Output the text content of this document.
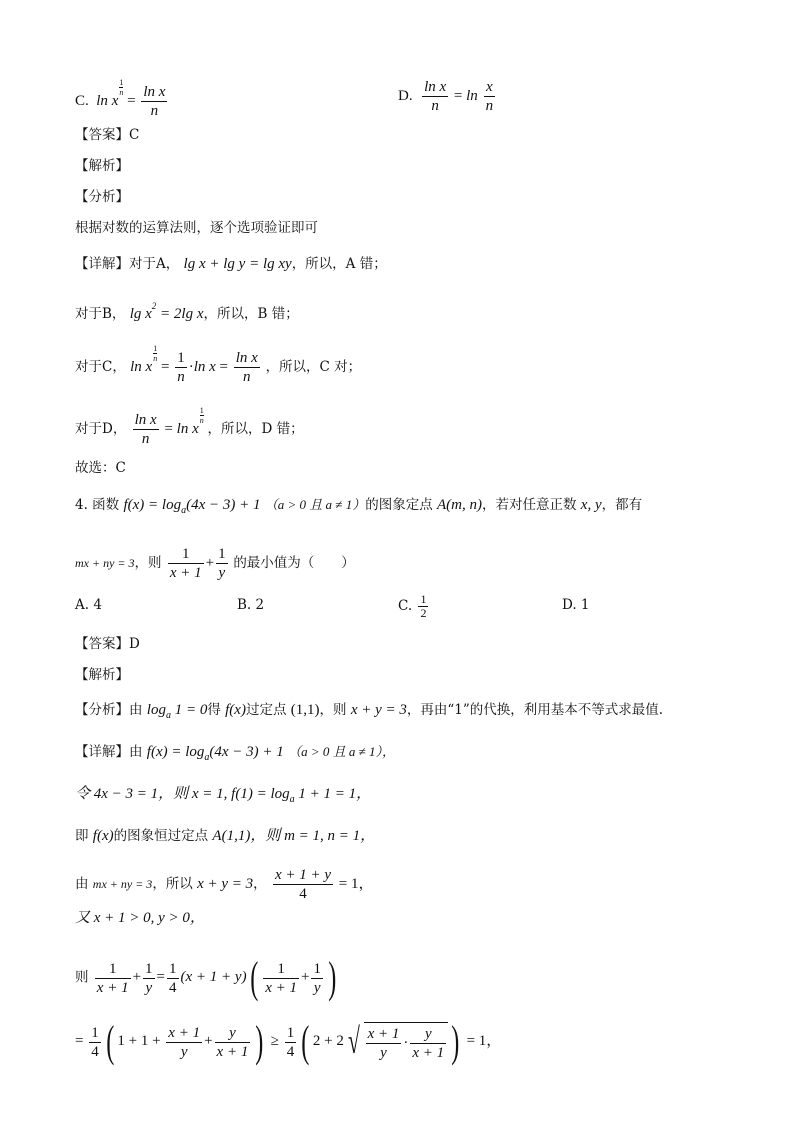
C. ln x
$\frac{1}{n}$
= $\frac{\text{ln x}}{n}$	D. $\frac{\text{ln x}}{n} = \ln \frac{x}{n}$
【答案】C
【解析】
【分析】
根据对数的运算法则，逐个选项验证即可
【详解】对于A， lg x + lg y = lg xy，所以，A 错；
对于B， $\lg x^2 = 2\lg$ x，所以，B 错；
对于C， ln x
$\frac{1}{n}$
= $\frac{1}{n} \cdot\ln$ $x = \frac{\text{ln x}}{n}$ ，所以，C 对；
对于D， $\frac{\text{ln x}}{n} = \ln x$
$\frac{1}{n}$
，所以，D 错；
故选：C
4. 函数 $f(x) = \log_a(4x - 3) + 1$ （a > 0 且 a ≠ 1）的图象定点 A(m, n)，若对任意正数 x, y，都有
mx + ny = 3，则 $\frac{1}{x + 1} + \frac{1}{y}$ 的最小值为（　　）
A. 4	B. 2	C. $\frac{1}{2}$	D. 1
【答案】D
【解析】
【分析】由 $\log_a 1 = 0$得 f(x)过定点 (1,1)，则 x + y = 3，再由“1”的代换，利用基本不等式求最值.
【详解】由 $f(x) = \log_a(4x - 3) + 1$ （a > 0 且 a ≠ 1），
令 4x − 3 = 1，则 x = 1, $f(1) = \log_a 1 + 1 = 1$，
即 f(x)的图象恒过定点 A(1,1)，则 m = 1, n = 1，
由 mx + ny = 3，所以 x + y = 3， $\frac{x + 1 + y}{4} = 1$，
又 x + 1 > 0, y > 0，
则 $\frac{1}{x + 1} + \frac{1}{y} = \frac{1}{4} (x + 1 + y)( \frac{1}{x + 1} + \frac{1}{y}$ )
= $\frac{1}{4}$ ( $1 + 1 + \frac{x + 1}{y} + \frac{y}{x + 1}$ ) ≥ $\frac{1}{4}$ ( 2 + 2 √ $\frac{x + 1}{y} \cdot \frac{y}{x + 1}$ ) = 1，
